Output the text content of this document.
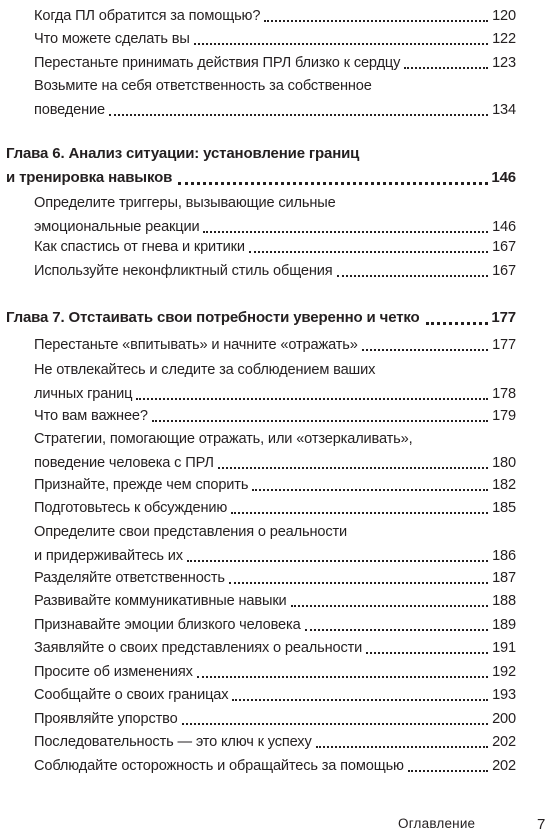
Когда ПЛ обратится за помощью?	120
Что можете сделать вы	122
Перестаньте принимать действия ПРЛ близко к сердцу	123
Возьмите на себя ответственность за собственное
поведение	134
Глава 6. Анализ ситуации: установление границ
и тренировка навыков	146
Определите триггеры, вызывающие сильные
эмоциональные реакции	146
Как спастись от гнева и критики	167
Используйте неконфликтный стиль общения	167
Глава 7. Отстаивать свои потребности уверенно и четко	177
Перестаньте «впитывать» и начните «отражать»	177
Не отвлекайтесь и следите за соблюдением ваших
личных границ	178
Что вам важнее?	179
Стратегии, помогающие отражать, или «отзеркаливать»,
поведение человека с ПРЛ	180
Признайте, прежде чем спорить	182
Подготовьтесь к обсуждению	185
Определите свои представления о реальности
и придерживайтесь их	186
Разделяйте ответственность	187
Развивайте коммуникативные навыки	188
Признавайте эмоции близкого человека	189
Заявляйте о своих представлениях о реальности	191
Просите об изменениях	192
Сообщайте о своих границах	193
Проявляйте упорство	200
Последовательность — это ключ к успеху	202
Соблюдайте осторожность и обращайтесь за помощью	202
Оглавление	7
